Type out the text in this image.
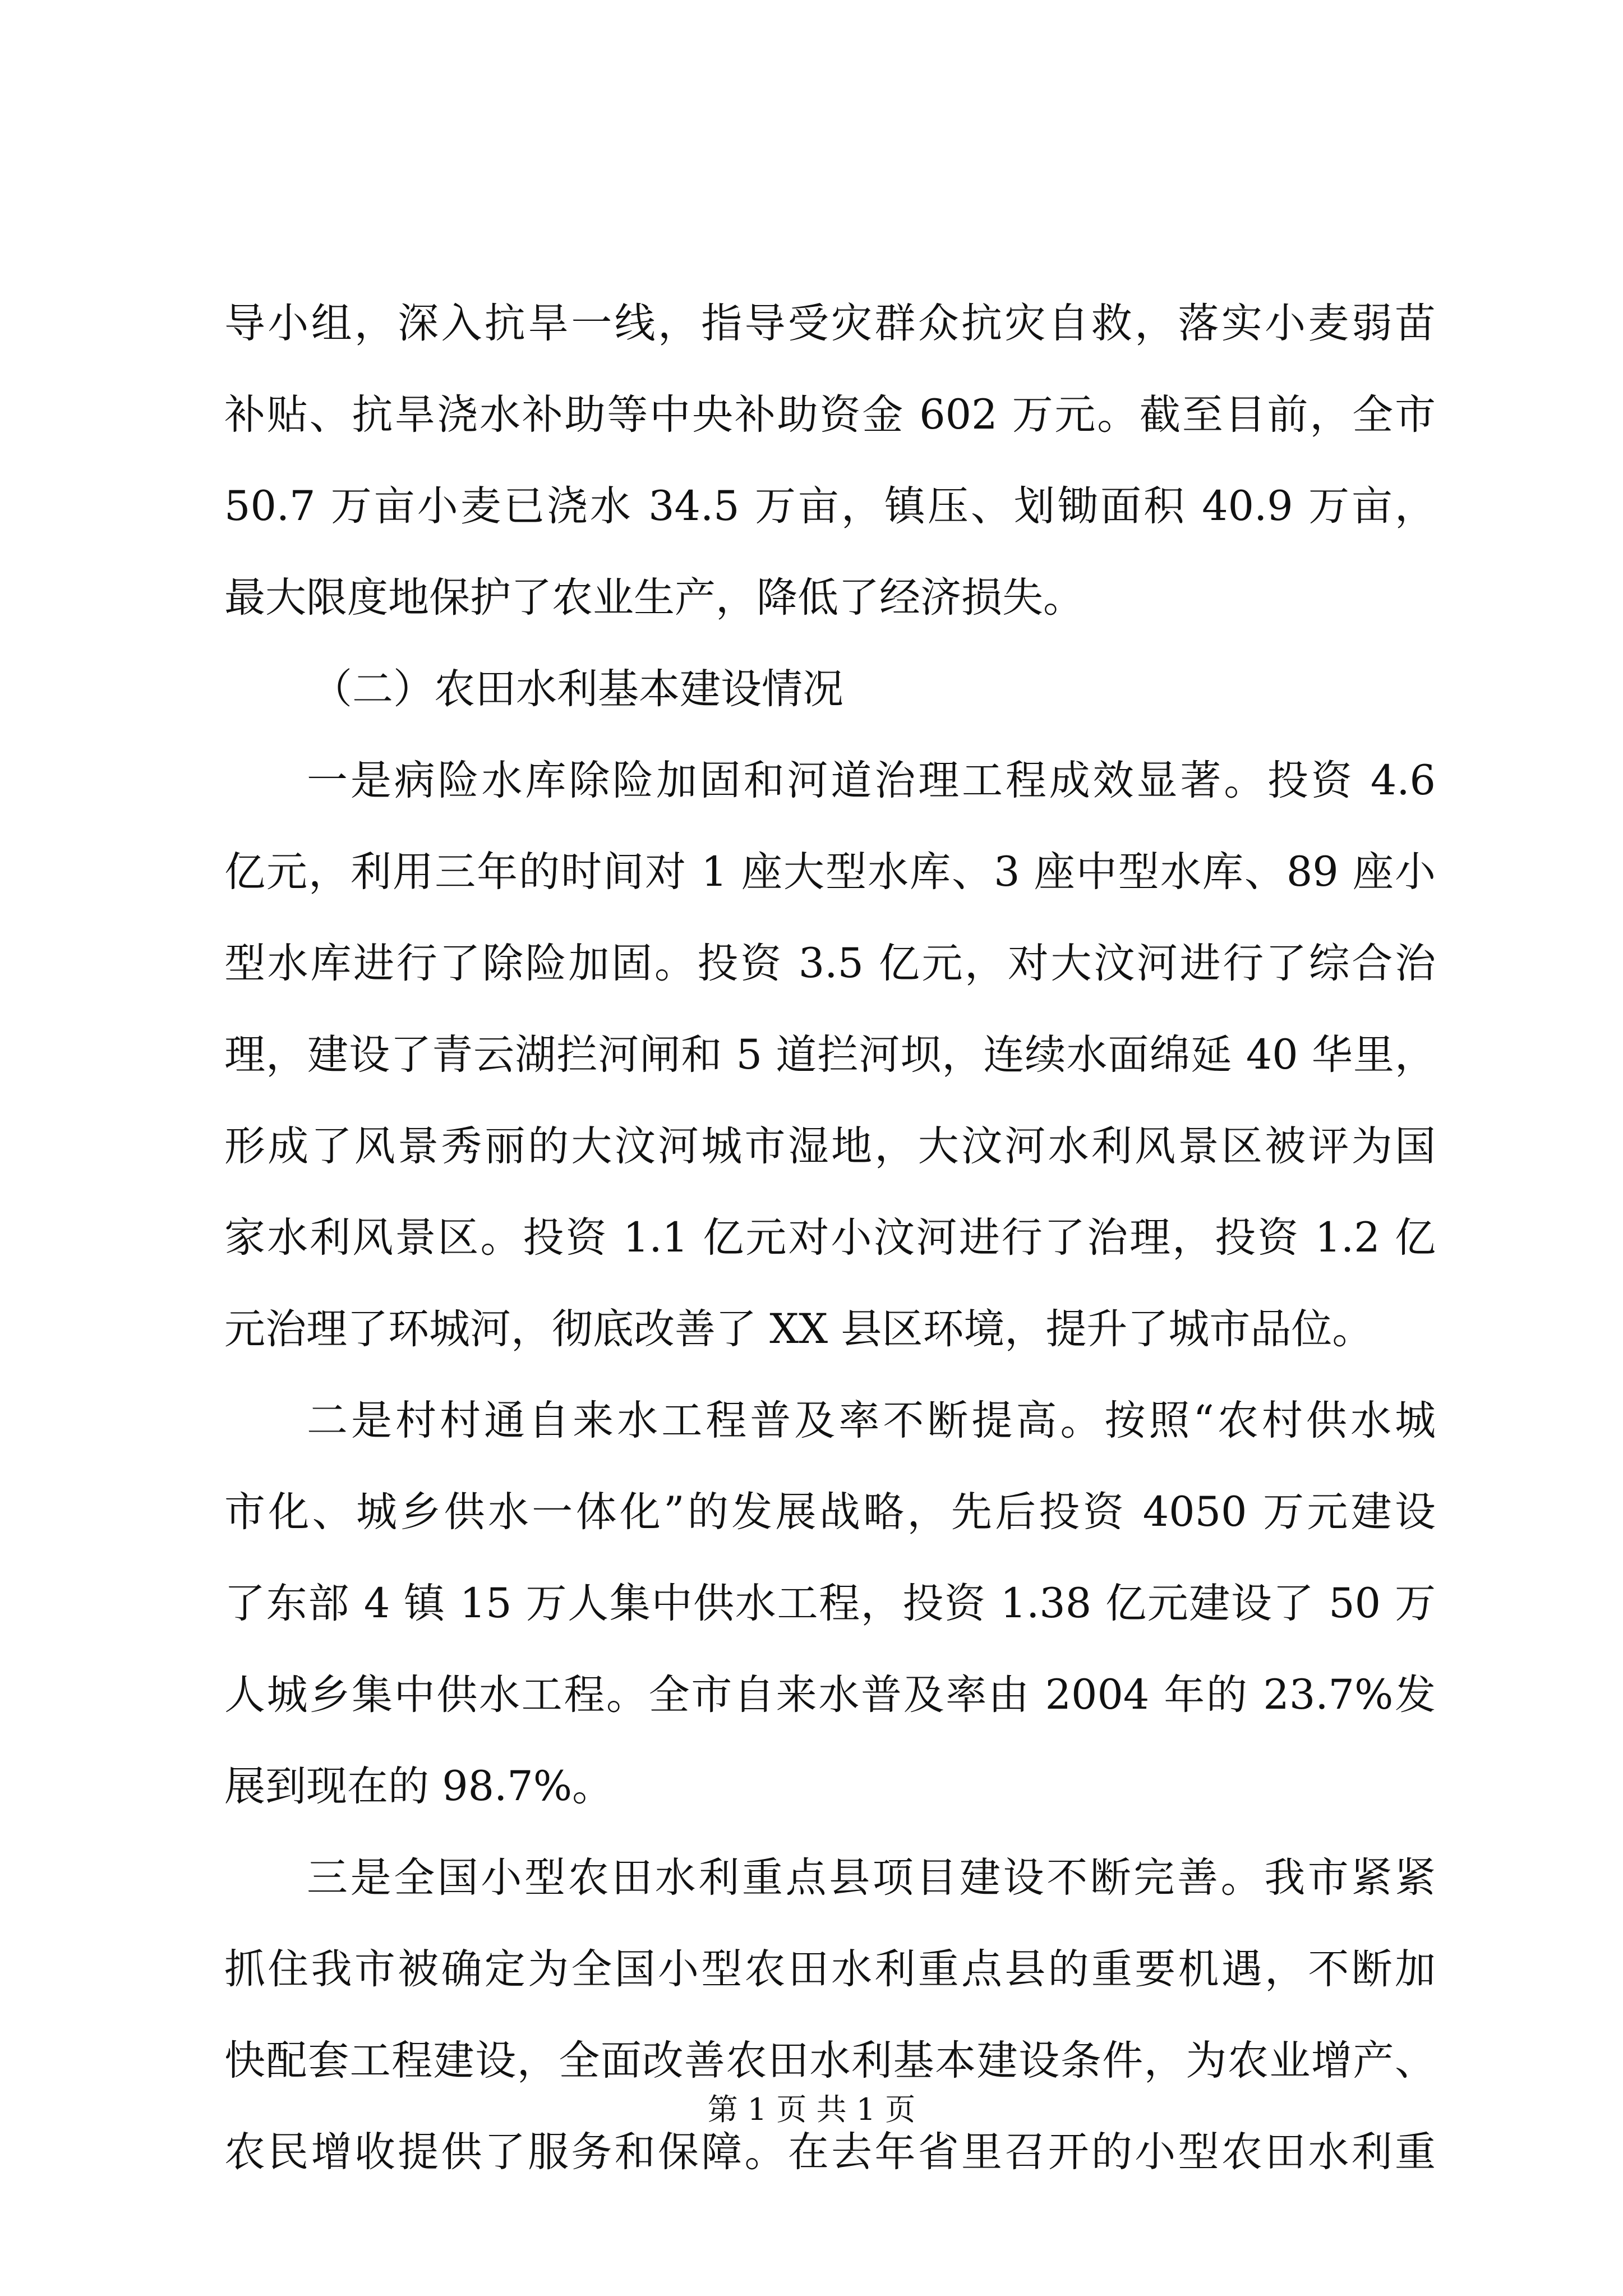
导小组，深入抗旱一线，指导受灾群众抗灾自救，落实小麦弱苗
补贴、抗旱浇水补助等中央补助资金 602 万元。截至目前，全市
50.7 万亩小麦已浇水 34.5 万亩，镇压、划锄面积 40.9 万亩，
最大限度地保护了农业生产，降低了经济损失。
（二）农田水利基本建设情况
一是病险水库除险加固和河道治理工程成效显著。投资 4.6
亿元，利用三年的时间对 1 座大型水库、3 座中型水库、89 座小
型水库进行了除险加固。投资 3.5 亿元，对大汶河进行了综合治
理，建设了青云湖拦河闸和 5 道拦河坝，连续水面绵延 40 华里，
形成了风景秀丽的大汶河城市湿地，大汶河水利风景区被评为国
家水利风景区。投资 1.1 亿元对小汶河进行了治理，投资 1.2 亿
元治理了环城河，彻底改善了 XX 县区环境，提升了城市品位。
二是村村通自来水工程普及率不断提高。按照“农村供水城
市化、城乡供水一体化”的发展战略，先后投资 4050 万元建设
了东部 4 镇 15 万人集中供水工程，投资 1.38 亿元建设了 50 万
人城乡集中供水工程。全市自来水普及率由 2004 年的 23.7%发
展到现在的 98.7%。
三是全国小型农田水利重点县项目建设不断完善。我市紧紧
抓住我市被确定为全国小型农田水利重点县的重要机遇，不断加
快配套工程建设，全面改善农田水利基本建设条件，为农业增产、
农民增收提供了服务和保障。在去年省里召开的小型农田水利重
第 1 页 共 1 页
